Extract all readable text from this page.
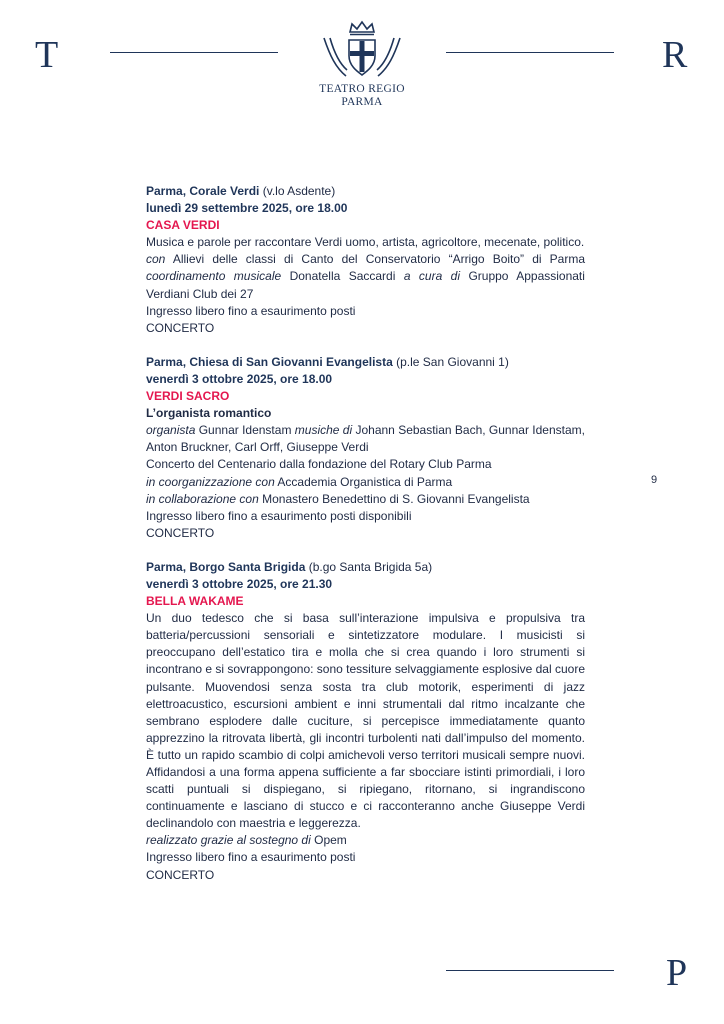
T
TEATRO REGIO
PARMA
R
Parma, Corale Verdi (v.lo Asdente)
lunedì 29 settembre 2025, ore 18.00
CASA VERDI
Musica e parole per raccontare Verdi uomo, artista, agricoltore, mecenate, politico.
con Allievi delle classi di Canto del Conservatorio “Arrigo Boito” di Parma coordinamento musicale Donatella Saccardi a cura di Gruppo Appassionati Verdiani Club dei 27
Ingresso libero fino a esaurimento posti
CONCERTO
Parma, Chiesa di San Giovanni Evangelista (p.le San Giovanni 1)
venerdì 3 ottobre 2025, ore 18.00
VERDI SACRO
L’organista romantico
organista Gunnar Idenstam musiche di Johann Sebastian Bach, Gunnar Idenstam, Anton Bruckner, Carl Orff, Giuseppe Verdi
Concerto del Centenario dalla fondazione del Rotary Club Parma
in coorganizzazione con Accademia Organistica di Parma
in collaborazione con Monastero Benedettino di S. Giovanni Evangelista
Ingresso libero fino a esaurimento posti disponibili
CONCERTO
Parma, Borgo Santa Brigida (b.go Santa Brigida 5a)
venerdì 3 ottobre 2025, ore 21.30
BELLA WAKAME
Un duo tedesco che si basa sull’interazione impulsiva e propulsiva tra batteria/percussioni sensoriali e sintetizzatore modulare. I musicisti si preoccupano dell’estatico tira e molla che si crea quando i loro strumenti si incontrano e si sovrappongono: sono tessiture selvaggiamente esplosive dal cuore pulsante. Muovendosi senza sosta tra club motorik, esperimenti di jazz elettroacustico, escursioni ambient e inni strumentali dal ritmo incalzante che sembrano esplodere dalle cuciture, si percepisce immediatamente quanto apprezzino la ritrovata libertà, gli incontri turbolenti nati dall’impulso del momento. È tutto un rapido scambio di colpi amichevoli verso territori musicali sempre nuovi. Affidandosi a una forma appena sufficiente a far sbocciare istinti primordiali, i loro scatti puntuali si dispiegano, si ripiegano, ritornano, si ingrandiscono continuamente e lasciano di stucco e ci racconteranno anche Giuseppe Verdi declinandolo con maestria e leggerezza.
realizzato grazie al sostegno di Opem
Ingresso libero fino a esaurimento posti
CONCERTO
9
P
